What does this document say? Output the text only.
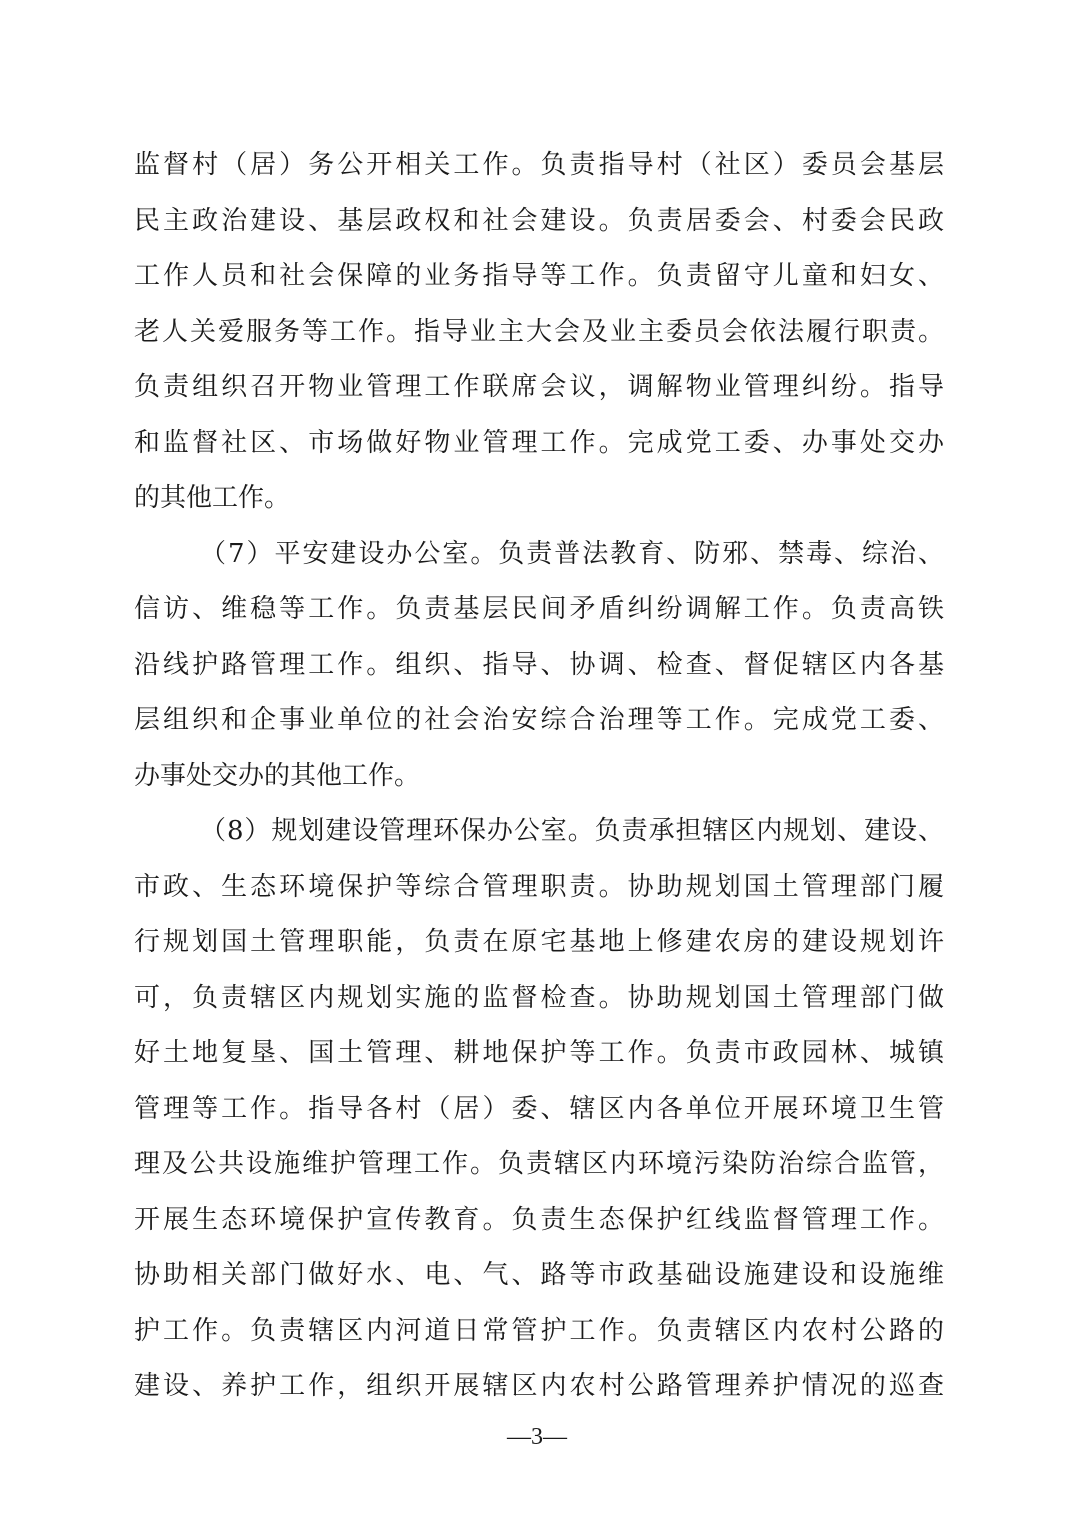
监督村（居）务公开相关工作。负责指导村（社区）委员会基层
民主政治建设、基层政权和社会建设。负责居委会、村委会民政
工作人员和社会保障的业务指导等工作。负责留守儿童和妇女、
老人关爱服务等工作。指导业主大会及业主委员会依法履行职责。
负责组织召开物业管理工作联席会议，调解物业管理纠纷。指导
和监督社区、市场做好物业管理工作。完成党工委、办事处交办
的其他工作。
（7）平安建设办公室。负责普法教育、防邪、禁毒、综治、
信访、维稳等工作。负责基层民间矛盾纠纷调解工作。负责高铁
沿线护路管理工作。组织、指导、协调、检查、督促辖区内各基
层组织和企事业单位的社会治安综合治理等工作。完成党工委、
办事处交办的其他工作。
（8）规划建设管理环保办公室。负责承担辖区内规划、建设、
市政、生态环境保护等综合管理职责。协助规划国土管理部门履
行规划国土管理职能，负责在原宅基地上修建农房的建设规划许
可，负责辖区内规划实施的监督检查。协助规划国土管理部门做
好土地复垦、国土管理、耕地保护等工作。负责市政园林、城镇
管理等工作。指导各村（居）委、辖区内各单位开展环境卫生管
理及公共设施维护管理工作。负责辖区内环境污染防治综合监管，
开展生态环境保护宣传教育。负责生态保护红线监督管理工作。
协助相关部门做好水、电、气、路等市政基础设施建设和设施维
护工作。负责辖区内河道日常管护工作。负责辖区内农村公路的
建设、养护工作，组织开展辖区内农村公路管理养护情况的巡查
—3—
